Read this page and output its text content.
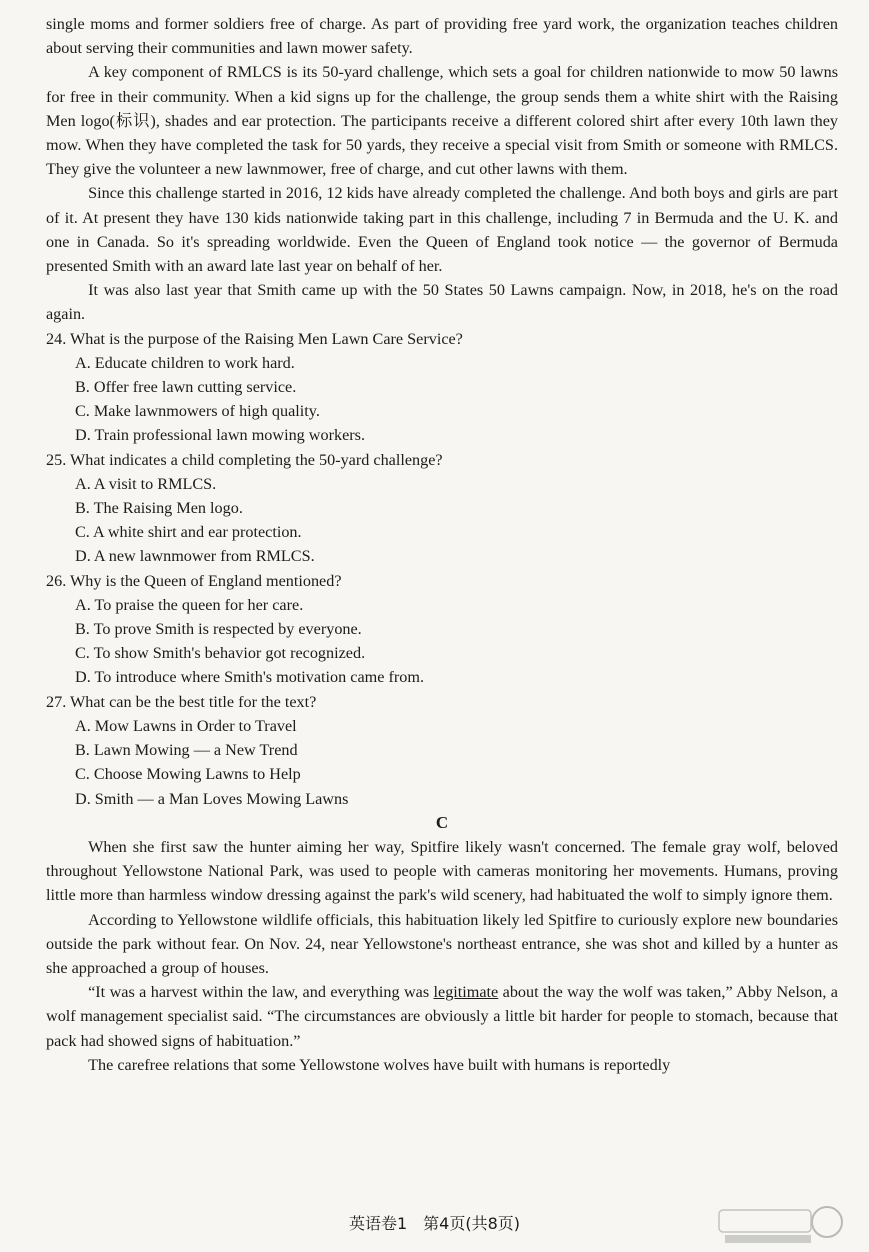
single moms and former soldiers free of charge. As part of providing free yard work, the organization teaches children about serving their communities and lawn mower safety.

A key component of RMLCS is its 50-yard challenge, which sets a goal for children nationwide to mow 50 lawns for free in their community. When a kid signs up for the challenge, the group sends them a white shirt with the Raising Men logo(标识), shades and ear protection. The participants receive a different colored shirt after every 10th lawn they mow. When they have completed the task for 50 yards, they receive a special visit from Smith or someone with RMLCS. They give the volunteer a new lawnmower, free of charge, and cut other lawns with them.

Since this challenge started in 2016, 12 kids have already completed the challenge. And both boys and girls are part of it. At present they have 130 kids nationwide taking part in this challenge, including 7 in Bermuda and the U. K. and one in Canada. So it's spreading worldwide. Even the Queen of England took notice — the governor of Bermuda presented Smith with an award late last year on behalf of her.

It was also last year that Smith came up with the 50 States 50 Lawns campaign. Now, in 2018, he's on the road again.

24. What is the purpose of the Raising Men Lawn Care Service?

A. Educate children to work hard.

B. Offer free lawn cutting service.

C. Make lawnmowers of high quality.

D. Train professional lawn mowing workers.

25. What indicates a child completing the 50-yard challenge?

A. A visit to RMLCS.

B. The Raising Men logo.

C. A white shirt and ear protection.

D. A new lawnmower from RMLCS.

26. Why is the Queen of England mentioned?

A. To praise the queen for her care.

B. To prove Smith is respected by everyone.

C. To show Smith's behavior got recognized.

D. To introduce where Smith's motivation came from.

27. What can be the best title for the text?

A. Mow Lawns in Order to Travel

B. Lawn Mowing — a New Trend

C. Choose Mowing Lawns to Help

D. Smith — a Man Loves Mowing Lawns

C

When she first saw the hunter aiming her way, Spitfire likely wasn't concerned. The female gray wolf, beloved throughout Yellowstone National Park, was used to people with cameras monitoring her movements. Humans, proving little more than harmless window dressing against the park's wild scenery, had habituated the wolf to simply ignore them.

According to Yellowstone wildlife officials, this habituation likely led Spitfire to curiously explore new boundaries outside the park without fear. On Nov. 24, near Yellowstone's northeast entrance, she was shot and killed by a hunter as she approached a group of houses.

“It was a harvest within the law, and everything was legitimate about the way the wolf was taken,” Abby Nelson, a wolf management specialist said. “The circumstances are obviously a little bit harder for people to stomach, because that pack had showed signs of habituation.”

The carefree relations that some Yellowstone wolves have built with humans is reportedly

英语卷1　第4页(共8页)
